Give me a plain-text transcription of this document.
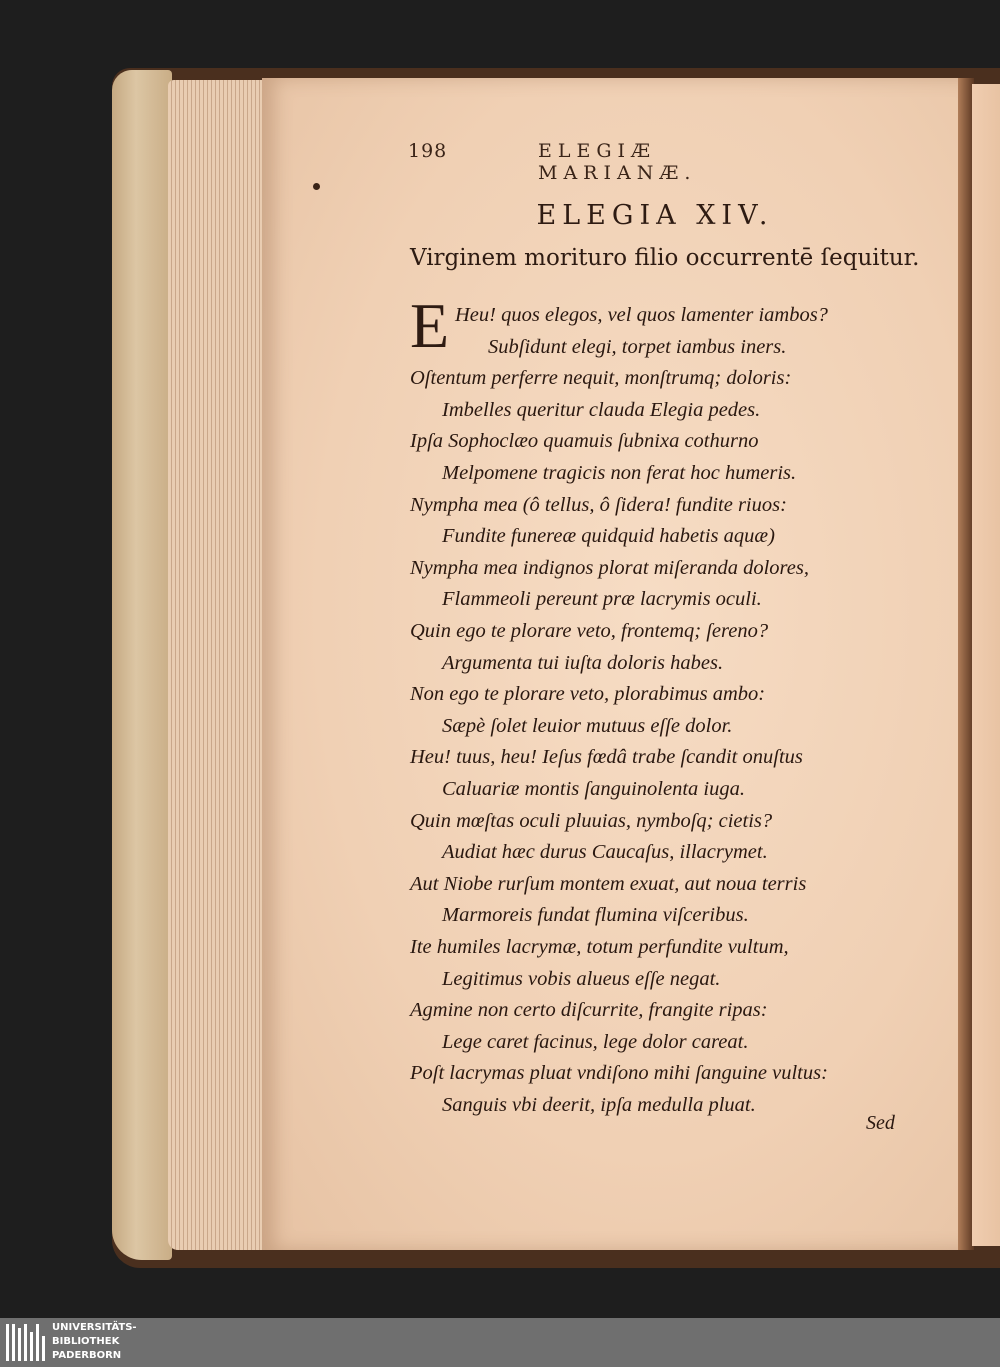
198	ELEGIÆ MARIANÆ.
ELEGIA XIV.
Virginem morituro filio occurrentē ſequitur.
E Heu! quos elegos, vel quos lamenter iambos?
Subſidunt elegi, torpet iambus iners.
Oſtentum perferre nequit, monſtrumq; doloris:
Imbelles queritur clauda Elegia pedes.
Ipſa Sophoclæo quamuis ſubnixa cothurno
Melpomene tragicis non ferat hoc humeris.
Nympha mea (ô tellus, ô ſidera! fundite riuos:
Fundite funereæ quidquid habetis aquæ)
Nympha mea indignos plorat miſeranda dolores,
Flammeoli pereunt præ lacrymis oculi.
Quin ego te plorare veto, frontemq; ſereno?
Argumenta tui iuſta doloris habes.
Non ego te plorare veto, plorabimus ambo:
Sæpè ſolet leuior mutuus eſſe dolor.
Heu! tuus, heu! Ieſus fœdâ trabe ſcandit onuſtus
Caluariæ montis ſanguinolenta iuga.
Quin mœſtas oculi pluuias, nymboſq; cietis?
Audiat hæc durus Caucaſus, illacrymet.
Aut Niobe rurſum montem exuat, aut noua terris
Marmoreis fundat flumina viſceribus.
Ite humiles lacrymæ, totum perfundite vultum,
Legitimus vobis alueus eſſe negat.
Agmine non certo diſcurrite, frangite ripas:
Lege caret facinus, lege dolor careat.
Poſt lacrymas pluat vndiſono mihi ſanguine vultus:
Sanguis vbi deerit, ipſa medulla pluat.
Sed
UNIVERSITÄTS-
BIBLIOTHEK
PADERBORN
